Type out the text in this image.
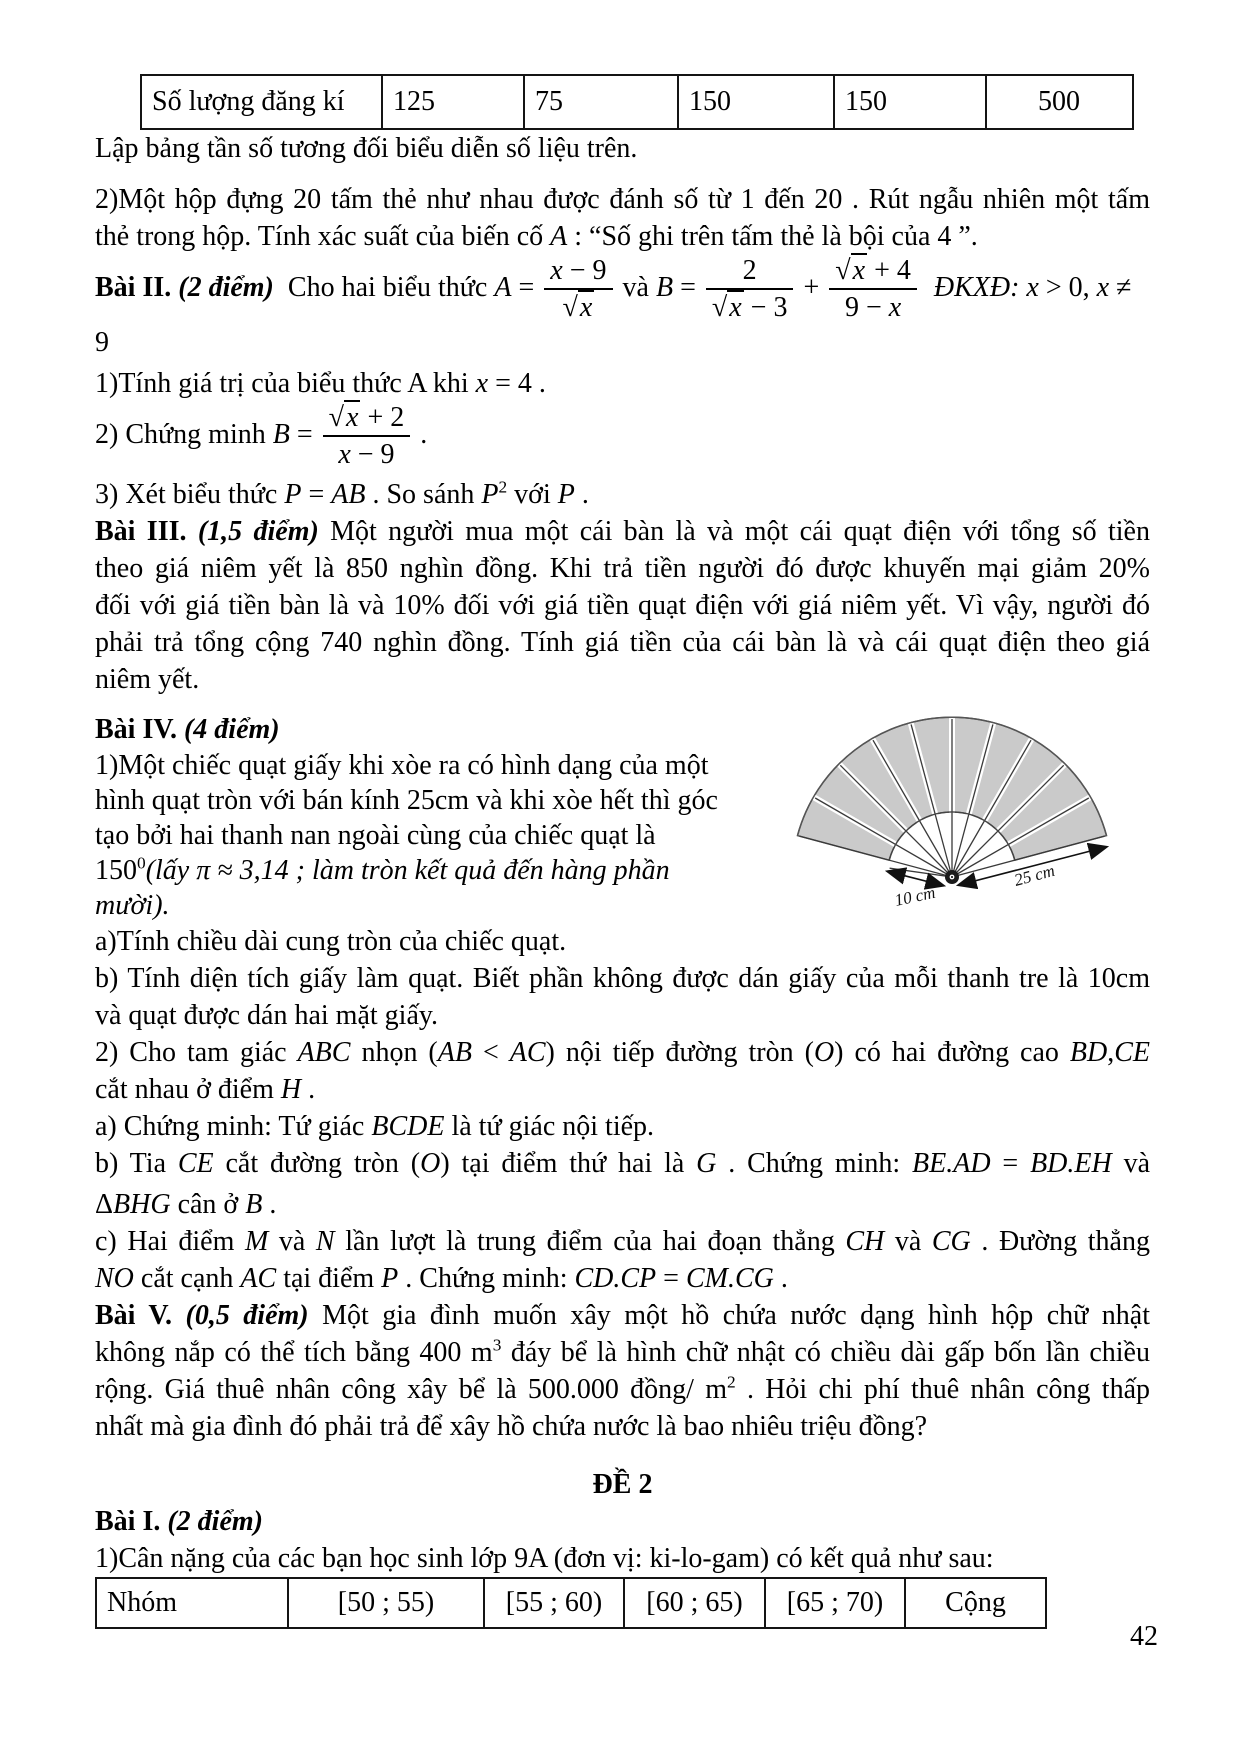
Số lượng đăng kí	125	75	150	150	500
Lập bảng tần số tương đối biểu diễn số liệu trên.
2)Một hộp đựng 20 tấm thẻ như nhau được đánh số từ 1 đến 20 . Rút ngẫu nhiên một tấm
thẻ trong hộp. Tính xác suất của biến cố A : “Số ghi trên tấm thẻ là bội của 4 ”.
Bài II. (2 điểm)  Cho hai biểu thức $A = \frac{x - 9}{√x}$ và $B = \frac{2}{√x - 3} + \frac{√x + 4}{9 - x}$ ĐKXĐ: x > 0, x ≠ 9
1)Tính giá trị của biểu thức A khi x = 4 .
2) Chứng minh $B = \frac{√x + 2}{x - 9}$ .
3) Xét biểu thức P = AB . So sánh $P^2$ với P .
Bài III. (1,5 điểm) Một người mua một cái bàn là và một cái quạt điện với tổng số tiền
theo giá niêm yết là 850 nghìn đồng. Khi trả tiền người đó được khuyến mại giảm 20%
đối với giá tiền bàn là và 10% đối với giá tiền quạt điện với giá niêm yết. Vì vậy, người đó
phải trả tổng cộng 740 nghìn đồng. Tính giá tiền của cái bàn là và cái quạt điện theo giá
niêm yết.
Bài IV. (4 điểm)
1)Một chiếc quạt giấy khi xòe ra có hình dạng của một
hình quạt tròn với bán kính 25cm và khi xòe hết thì góc
tạo bởi hai thanh nan ngoài cùng của chiếc quạt là
$150^0(lấy$ π ≈ 3,14 ; làm tròn kết quả đến hàng phần
mười).
a)Tính chiều dài cung tròn của chiếc quạt.
b) Tính diện tích giấy làm quạt. Biết phần không được dán giấy của mỗi thanh tre là 10cm
và quạt được dán hai mặt giấy.
2) Cho tam giác ABC nhọn (AB < AC) nội tiếp đường tròn (O) có hai đường cao BD,CE
cắt nhau ở điểm H .
a) Chứng minh: Tứ giác BCDE là tứ giác nội tiếp.
b) Tia CE cắt đường tròn (O) tại điểm thứ hai là G . Chứng minh: BE.AD = BD.EH và
ΔBHG cân ở B .
c) Hai điểm M và N lần lượt là trung điểm của hai đoạn thẳng CH và CG . Đường thẳng
NO cắt cạnh AC tại điểm P . Chứng minh: CD.CP = CM.CG .
Bài V. (0,5 điểm) Một gia đình muốn xây một hồ chứa nước dạng hình hộp chữ nhật
không nắp có thể tích bằng 400 $m^3$ đáy bể là hình chữ nhật có chiều dài gấp bốn lần chiều
rộng. Giá thuê nhân công xây bể là 500.000 đồng/ $m^2$ . Hỏi chi phí thuê nhân công thấp
nhất mà gia đình đó phải trả để xây hồ chứa nước là bao nhiêu triệu đồng?
ĐỀ 2
Bài I. (2 điểm)
1)Cân nặng của các bạn học sinh lớp 9A (đơn vị: ki-lo-gam) có kết quả như sau:
Nhóm	[50 ; 55)	[55 ; 60)	[60 ; 65)	[65 ; 70)	Cộng
10 cm
25 cm
42
